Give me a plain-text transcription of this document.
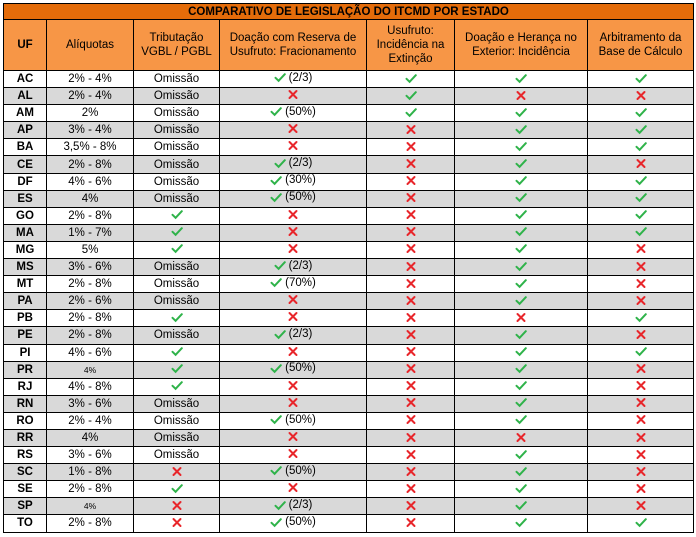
COMPARATIVO DE LEGISLAÇÃO DO ITCMD POR ESTADO						
UF	Alíquotas	Tributação VGBL / PGBL	Doação com Reserva de Usufruto: Fracionamento	Usufruto: Incidência na Extinção	Doação e Herança no Exterior: Incidência	Arbitramento da Base de Cálculo
AC	2% - 4%	Omissão	(2/3)

AL	2% - 4%	Omissão	

AM	2%	Omissão	(50%)

AP	3% - 4%	Omissão	

BA	3,5% - 8%	Omissão	

CE	2% - 8%	Omissão	(2/3)

DF	4% - 6%	Omissão	(30%)

ES	4%	Omissão	(50%)

GO	2% - 8%		

MA	1% - 7%		

MG	5%		

MS	3% - 6%	Omissão	(2/3)

MT	2% - 8%	Omissão	(70%)

PA	2% - 6%	Omissão	

PB	2% - 8%		

PE	2% - 8%	Omissão	(2/3)

PI	4% - 6%		

PR	4%		(50%)

RJ	4% - 8%		

RN	3% - 6%	Omissão	

RO	2% - 4%	Omissão	(50%)

RR	4%	Omissão	

RS	3% - 6%	Omissão	

SC	1% - 8%		(50%)

SE	2% - 8%		

SP	4%		(2/3)

TO	2% - 8%		(50%)
